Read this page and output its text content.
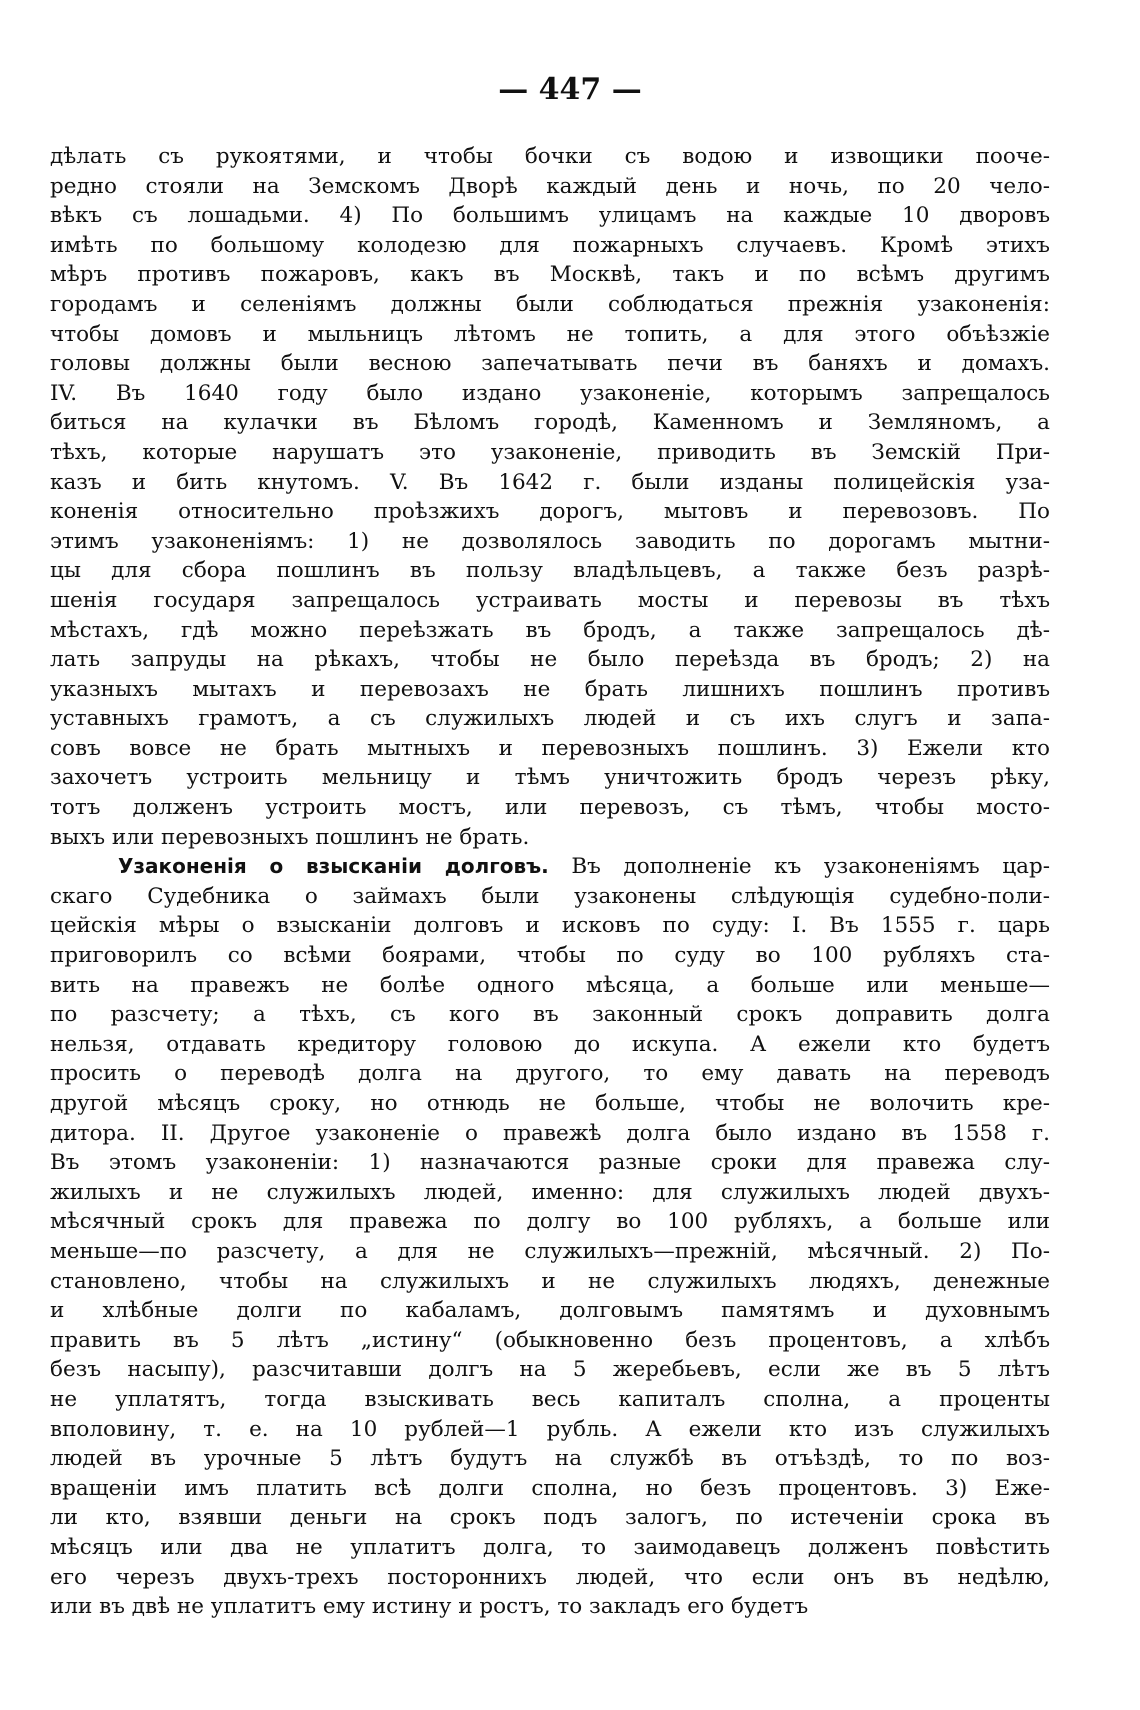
— 447 —
дѣлать съ рукоятями, и чтобы бочки съ водою и извощики пооче-
редно стояли на Земскомъ Дворѣ каждый день и ночь, по 20 чело-
вѣкъ съ лошадьми. 4) По большимъ улицамъ на каждые 10 дворовъ
имѣть по большому колодезю для пожарныхъ случаевъ. Кромѣ этихъ
мѣръ противъ пожаровъ, какъ въ Москвѣ, такъ и по всѣмъ другимъ
городамъ и селеніямъ должны были соблюдаться прежнія узаконенія:
чтобы домовъ и мыльницъ лѣтомъ не топить, а для этого объѣзжіе
головы должны были весною запечатывать печи въ баняхъ и домахъ.
IV. Въ 1640 году было издано узаконеніе, которымъ запрещалось
биться на кулачки въ Бѣломъ городѣ, Каменномъ и Земляномъ, а
тѣхъ, которые нарушатъ это узаконеніе, приводить въ Земскій При-
казъ и бить кнутомъ. V. Въ 1642 г. были изданы полицейскія уза-
коненія относительно проѣзжихъ дорогъ, мытовъ и перевозовъ. По
этимъ узаконеніямъ: 1) не дозволялось заводить по дорогамъ мытни-
цы для сбора пошлинъ въ пользу владѣльцевъ, а также безъ разрѣ-
шенія государя запрещалось устраивать мосты и перевозы въ тѣхъ
мѣстахъ, гдѣ можно переѣзжать въ бродъ, а также запрещалось дѣ-
лать запруды на рѣкахъ, чтобы не было переѣзда въ бродъ; 2) на
указныхъ мытахъ и перевозахъ не брать лишнихъ пошлинъ противъ
уставныхъ грамотъ, а съ служилыхъ людей и съ ихъ слугъ и запа-
совъ вовсе не брать мытныхъ и перевозныхъ пошлинъ. 3) Ежели кто
захочетъ устроить мельницу и тѣмъ уничтожить бродъ черезъ рѣку,
тотъ долженъ устроить мостъ, или перевозъ, съ тѣмъ, чтобы мосто-
выхъ или перевозныхъ пошлинъ не брать.
Узаконенія о взысканіи долговъ. Въ дополненіе къ узаконеніямъ цар-
скаго Судебника о займахъ были узаконены слѣдующія судебно-поли-
цейскія мѣры о взысканіи долговъ и исковъ по суду: I. Въ 1555 г. царь
приговорилъ со всѣми боярами, чтобы по суду во 100 рубляхъ ста-
вить на правежъ не болѣе одного мѣсяца, а больше или меньше—
по разсчету; а тѣхъ, съ кого въ законный срокъ доправить долга
нельзя, отдавать кредитору головою до искупа. А ежели кто будетъ
просить о переводѣ долга на другого, то ему давать на переводъ
другой мѣсяцъ сроку, но отнюдь не больше, чтобы не волочить кре-
дитора. II. Другое узаконеніе о правежѣ долга было издано въ 1558 г.
Въ этомъ узаконеніи: 1) назначаются разные сроки для правежа слу-
жилыхъ и не служилыхъ людей, именно: для служилыхъ людей двухъ-
мѣсячный срокъ для правежа по долгу во 100 рубляхъ, а больше или
меньше—по разсчету, а для не служилыхъ—прежній, мѣсячный. 2) По-
становлено, чтобы на служилыхъ и не служилыхъ людяхъ, денежные
и хлѣбные долги по кабаламъ, долговымъ памятямъ и духовнымъ
править въ 5 лѣтъ „истину“ (обыкновенно безъ процентовъ, а хлѣбъ
безъ насыпу), разсчитавши долгъ на 5 жеребьевъ, если же въ 5 лѣтъ
не уплатятъ, тогда взыскивать весь капиталъ сполна, а проценты
вполовину, т. е. на 10 рублей—1 рубль. А ежели кто изъ служилыхъ
людей въ урочные 5 лѣтъ будутъ на службѣ въ отъѣздѣ, то по воз-
вращеніи имъ платить всѣ долги сполна, но безъ процентовъ. 3) Еже-
ли кто, взявши деньги на срокъ подъ залогъ, по истеченіи срока въ
мѣсяцъ или два не уплатитъ долга, то заимодавецъ долженъ повѣстить
его черезъ двухъ-трехъ постороннихъ людей, что если онъ въ недѣлю,
или въ двѣ не уплатитъ ему истину и ростъ, то закладъ его будетъ
